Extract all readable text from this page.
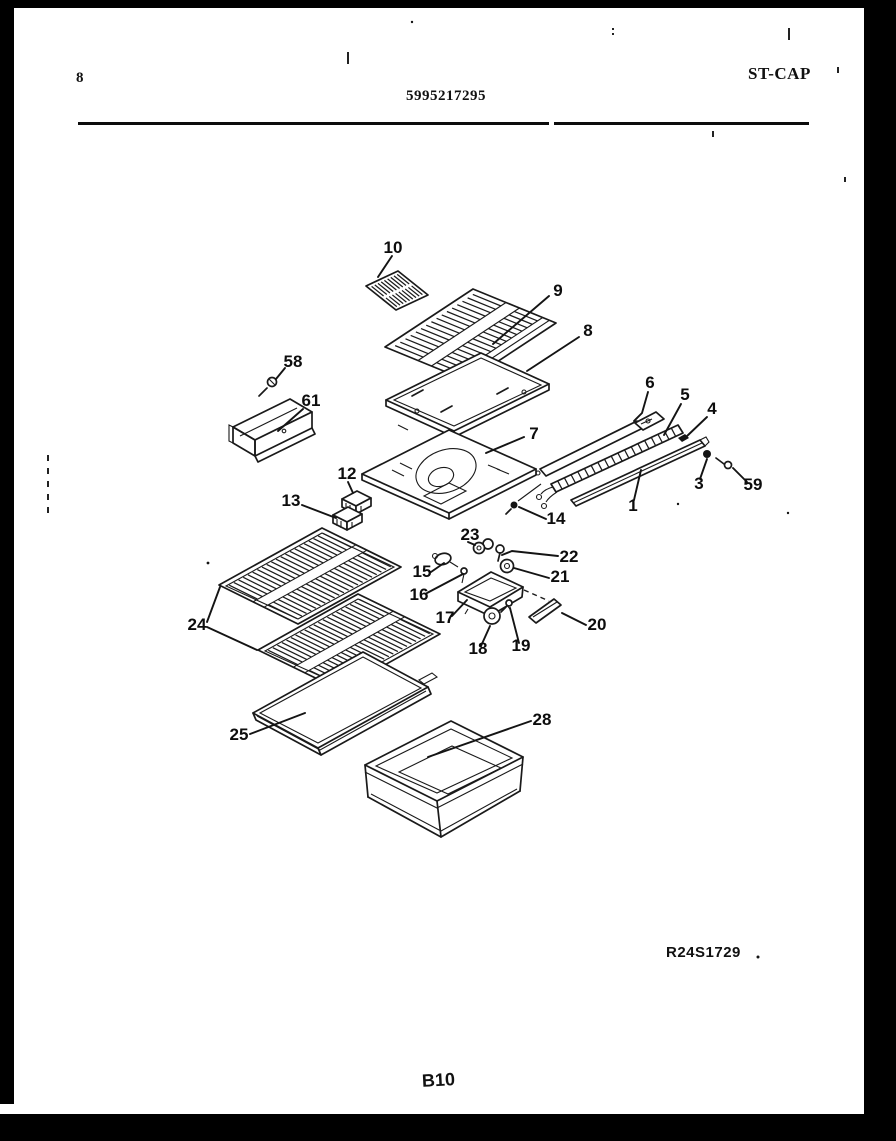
8
5995217295
ST-CAP
10
9
8
58
61
6
5
4
3 59
1
7
12
13
14
23
22
21
15
16
17
18 19
20
24
25
28
R24S1729
B10
